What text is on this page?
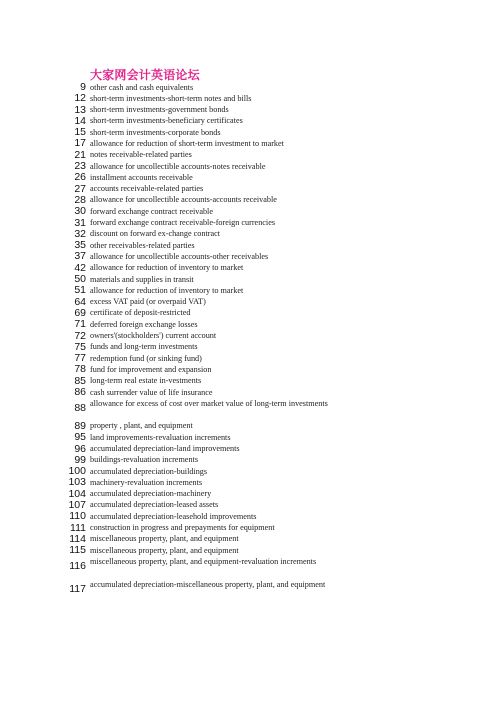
大家网会计英语论坛
9 other cash and cash equivalents
12 short-term investments-short-term notes and bills
13 short-term investments-government bonds
14 short-term investments-beneficiary certificates
15 short-term investments-corporate bonds
17 allowance for reduction of short-term investment to market
21 notes receivable-related parties
23 allowance for uncollectible accounts-notes receivable
26 installment accounts receivable
27 accounts receivable-related parties
28 allowance for uncollectible accounts-accounts receivable
30 forward exchange contract receivable
31 forward exchange contract receivable-foreign currencies
32 discount on forward ex-change contract
35 other receivables-related parties
37 allowance for uncollectible accounts-other receivables
42 allowance for reduction of inventory to market
50 materials and supplies in transit
51 allowance for reduction of inventory to market
64 excess VAT paid (or overpaid VAT)
69 certificate of deposit-restricted
71 deferred foreign exchange losses
72 owners'(stockholders') current account
75 funds and long-term investments
77 redemption fund (or sinking fund)
78 fund for improvement and expansion
85 long-term real estate in-vestments
86 cash surrender value of life insurance
88 allowance for excess of cost over market value of long-term investments
89 property , plant, and equipment
95 land improvements-revaluation increments
96 accumulated depreciation-land improvements
99 buildings-revaluation increments
100 accumulated depreciation-buildings
103 machinery-revaluation increments
104 accumulated depreciation-machinery
107 accumulated depreciation-leased assets
110 accumulated depreciation-leasehold improvements
111 construction in progress and prepayments for equipment
114 miscellaneous property, plant, and equipment
115 miscellaneous property, plant, and equipment
116 miscellaneous property, plant, and equipment-revaluation increments
117 accumulated depreciation-miscellaneous property, plant, and equipment
